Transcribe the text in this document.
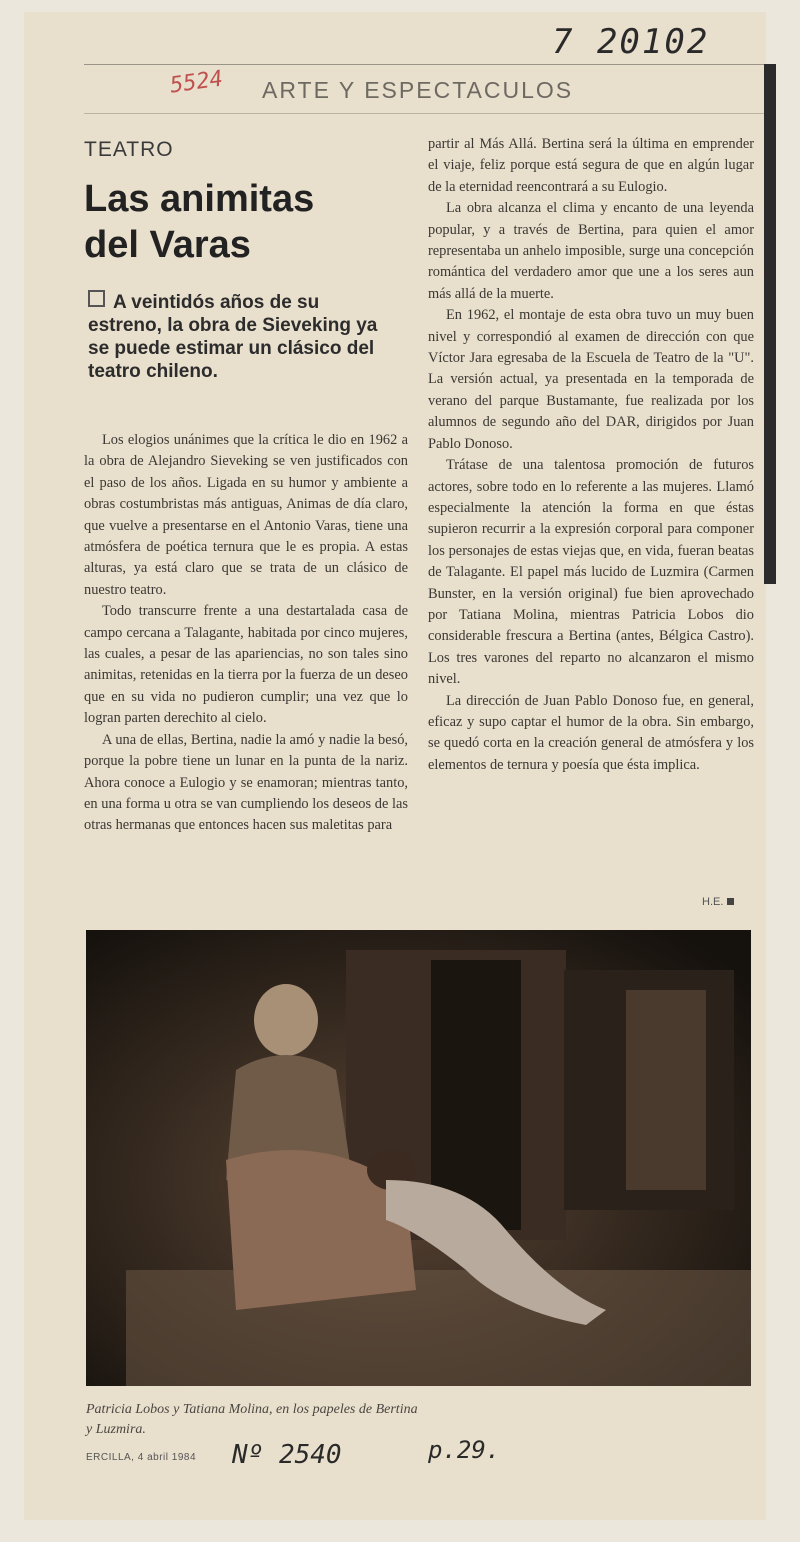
7 20102
5524 ARTE Y ESPECTACULOS
TEATRO
Las animitas
del Varas
A veintidós años de su estreno, la obra de Sieveking ya se puede estimar un clásico del teatro chileno.

Los elogios unánimes que la crítica le dio en 1962 a la obra de Alejandro Sieveking se ven justificados con el paso de los años. Ligada en su humor y ambiente a obras costumbristas más antiguas, Animas de día claro, que vuelve a presentarse en el Antonio Varas, tiene una atmósfera de poética ternura que le es propia. A estas alturas, ya está claro que se trata de un clásico de nuestro teatro.

Todo transcurre frente a una destartalada casa de campo cercana a Talagante, habitada por cinco mujeres, las cuales, a pesar de las apariencias, no son tales sino animitas, retenidas en la tierra por la fuerza de un deseo que en su vida no pudieron cumplir; una vez que lo logran parten derechito al cielo.

A una de ellas, Bertina, nadie la amó y nadie la besó, porque la pobre tiene un lunar en la punta de la nariz. Ahora conoce a Eulogio y se enamoran; mientras tanto, en una forma u otra se van cumpliendo los deseos de las otras hermanas que entonces hacen sus maletitas para

partir al Más Allá. Bertina será la última en emprender el viaje, feliz porque está segura de que en algún lugar de la eternidad reencontrará a su Eulogio.

La obra alcanza el clima y encanto de una leyenda popular, y a través de Bertina, para quien el amor representaba un anhelo imposible, surge una concepción romántica del verdadero amor que une a los seres aun más allá de la muerte.

En 1962, el montaje de esta obra tuvo un muy buen nivel y correspondió al examen de dirección con que Víctor Jara egresaba de la Escuela de Teatro de la "U". La versión actual, ya presentada en la temporada de verano del parque Bustamante, fue realizada por los alumnos de segundo año del DAR, dirigidos por Juan Pablo Donoso.

Trátase de una talentosa promoción de futuros actores, sobre todo en lo referente a las mujeres. Llamó especialmente la atención la forma en que éstas supieron recurrir a la expresión corporal para componer los personajes de estas viejas que, en vida, fueran beatas de Talagante. El papel más lucido de Luzmira (Carmen Bunster, en la versión original) fue bien aprovechado por Tatiana Molina, mientras Patricia Lobos dio considerable frescura a Bertina (antes, Bélgica Castro). Los tres varones del reparto no alcanzaron el mismo nivel.

La dirección de Juan Pablo Donoso fue, en general, eficaz y supo captar el humor de la obra. Sin embargo, se quedó corta en la creación general de atmósfera y los elementos de ternura y poesía que ésta implica.

H.E.
Patricia Lobos y Tatiana Molina, en los papeles de Bertina y Luzmira.
ERCILLA, 4 abril 1984 Nº 2540	p.29.
